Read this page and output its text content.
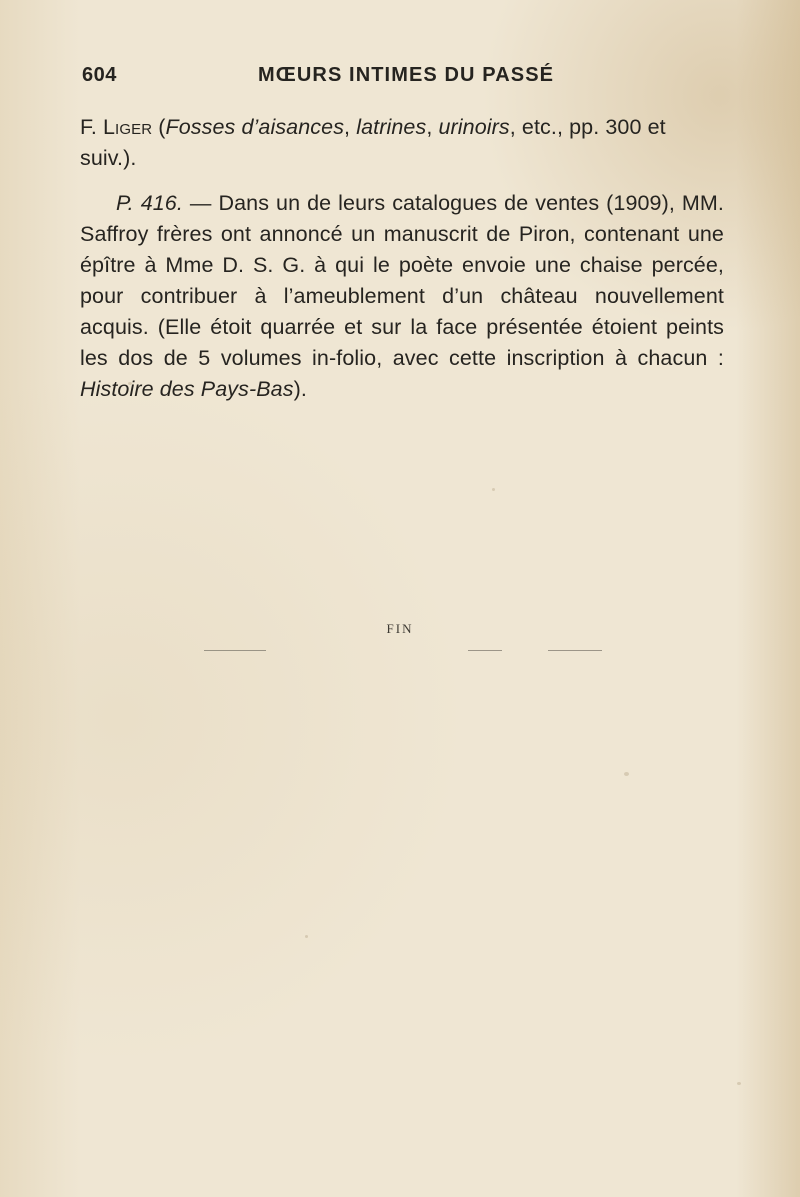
604	MŒURS INTIMES DU PASSÉ

F. Liger (Fosses d’aisances, latrines, urinoirs, etc., pp. 300 et suiv.).

P. 416. — Dans un de leurs catalogues de ventes (1909), MM. Saffroy frères ont annoncé un manuscrit de Piron, contenant une épître à Mme D. S. G. à qui le poète envoie une chaise percée, pour contribuer à l’ameublement d’un château nouvellement acquis. (Elle étoit quarrée et sur la face présentée étoient peints les dos de 5 volumes in-folio, avec cette inscription à chacun : Histoire des Pays-Bas).

FIN
